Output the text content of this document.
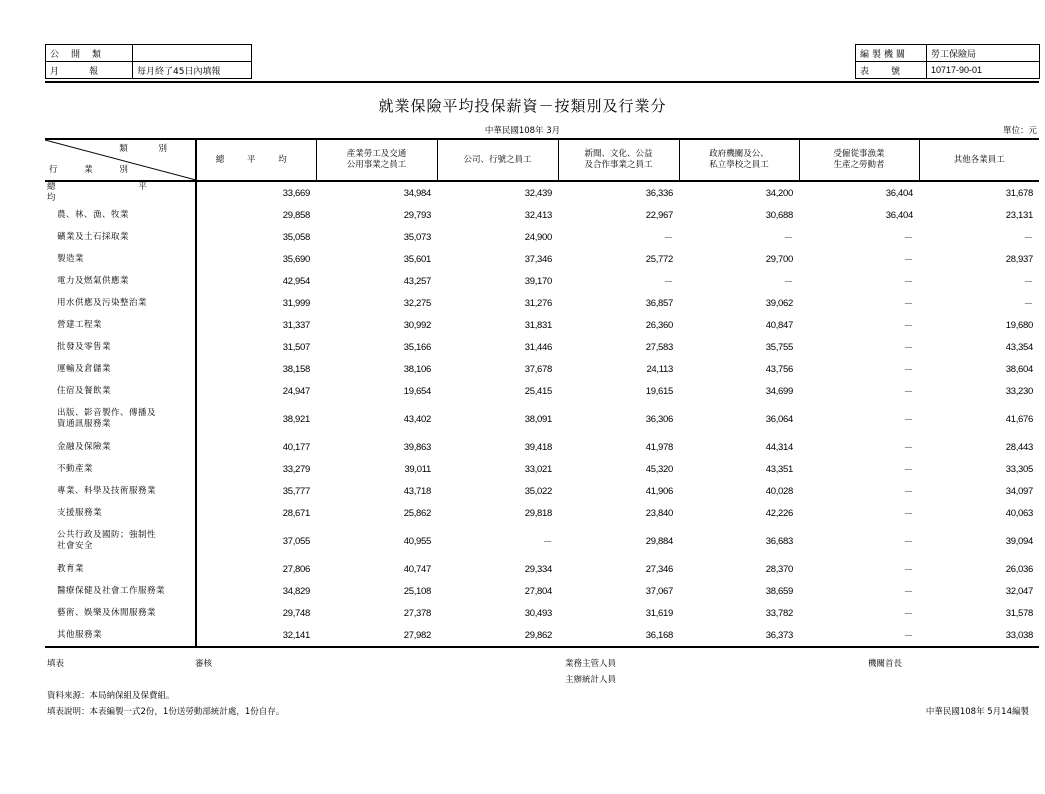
公開類	
月報	每月終了45日內填報
編製機關	勞工保險局
表號	10717-90-01
就業保險平均投保薪資－按類別及行業分
中華民國108年 3月	單位：元
類 別
行 業 別	總 平 均	產業勞工及交通
公用事業之員工	公司、行號之員工	新聞、文化、公益
及合作事業之員工	政府機關及公、
私立學校之員工	受僱從事漁業
生產之勞動者	其他各業員工
總 平 均	33,669	34,984	32,439	36,336	34,200	36,404	31,678
農、林、漁、牧業	29,858	29,793	32,413	22,967	30,688	36,404	23,131
礦業及土石採取業	35,058	35,073	24,900	－	－	－	－
製造業	35,690	35,601	37,346	25,772	29,700	－	28,937
電力及燃氣供應業	42,954	43,257	39,170	－	－	－	－
用水供應及污染整治業	31,999	32,275	31,276	36,857	39,062	－	－
營建工程業	31,337	30,992	31,831	26,360	40,847	－	19,680
批發及零售業	31,507	35,166	31,446	27,583	35,755	－	43,354
運輸及倉儲業	38,158	38,106	37,678	24,113	43,756	－	38,604
住宿及餐飲業	24,947	19,654	25,415	19,615	34,699	－	33,230
出版、影音製作、傳播及
資通訊服務業	38,921	43,402	38,091	36,306	36,064	－	41,676
金融及保險業	40,177	39,863	39,418	41,978	44,314	－	28,443
不動產業	33,279	39,011	33,021	45,320	43,351	－	33,305
專業、科學及技術服務業	35,777	43,718	35,022	41,906	40,028	－	34,097
支援服務業	28,671	25,862	29,818	23,840	42,226	－	40,063
公共行政及國防；強制性
社會安全	37,055	40,955	－	29,884	36,683	－	39,094
教育業	27,806	40,747	29,334	27,346	28,370	－	26,036
醫療保健及社會工作服務業	34,829	25,108	27,804	37,067	38,659	－	32,047
藝術、娛樂及休閒服務業	29,748	27,378	30,493	31,619	33,782	－	31,578
其他服務業	32,141	27,982	29,862	36,168	36,373	－	33,038
填表	審核	業務主管人員
主辦統計人員
機關首長
資料來源：本局納保組及保費組。
填表說明：本表編製一式2份，1份送勞動部統計處，1份自存。	中華民國108年 5月14編製
